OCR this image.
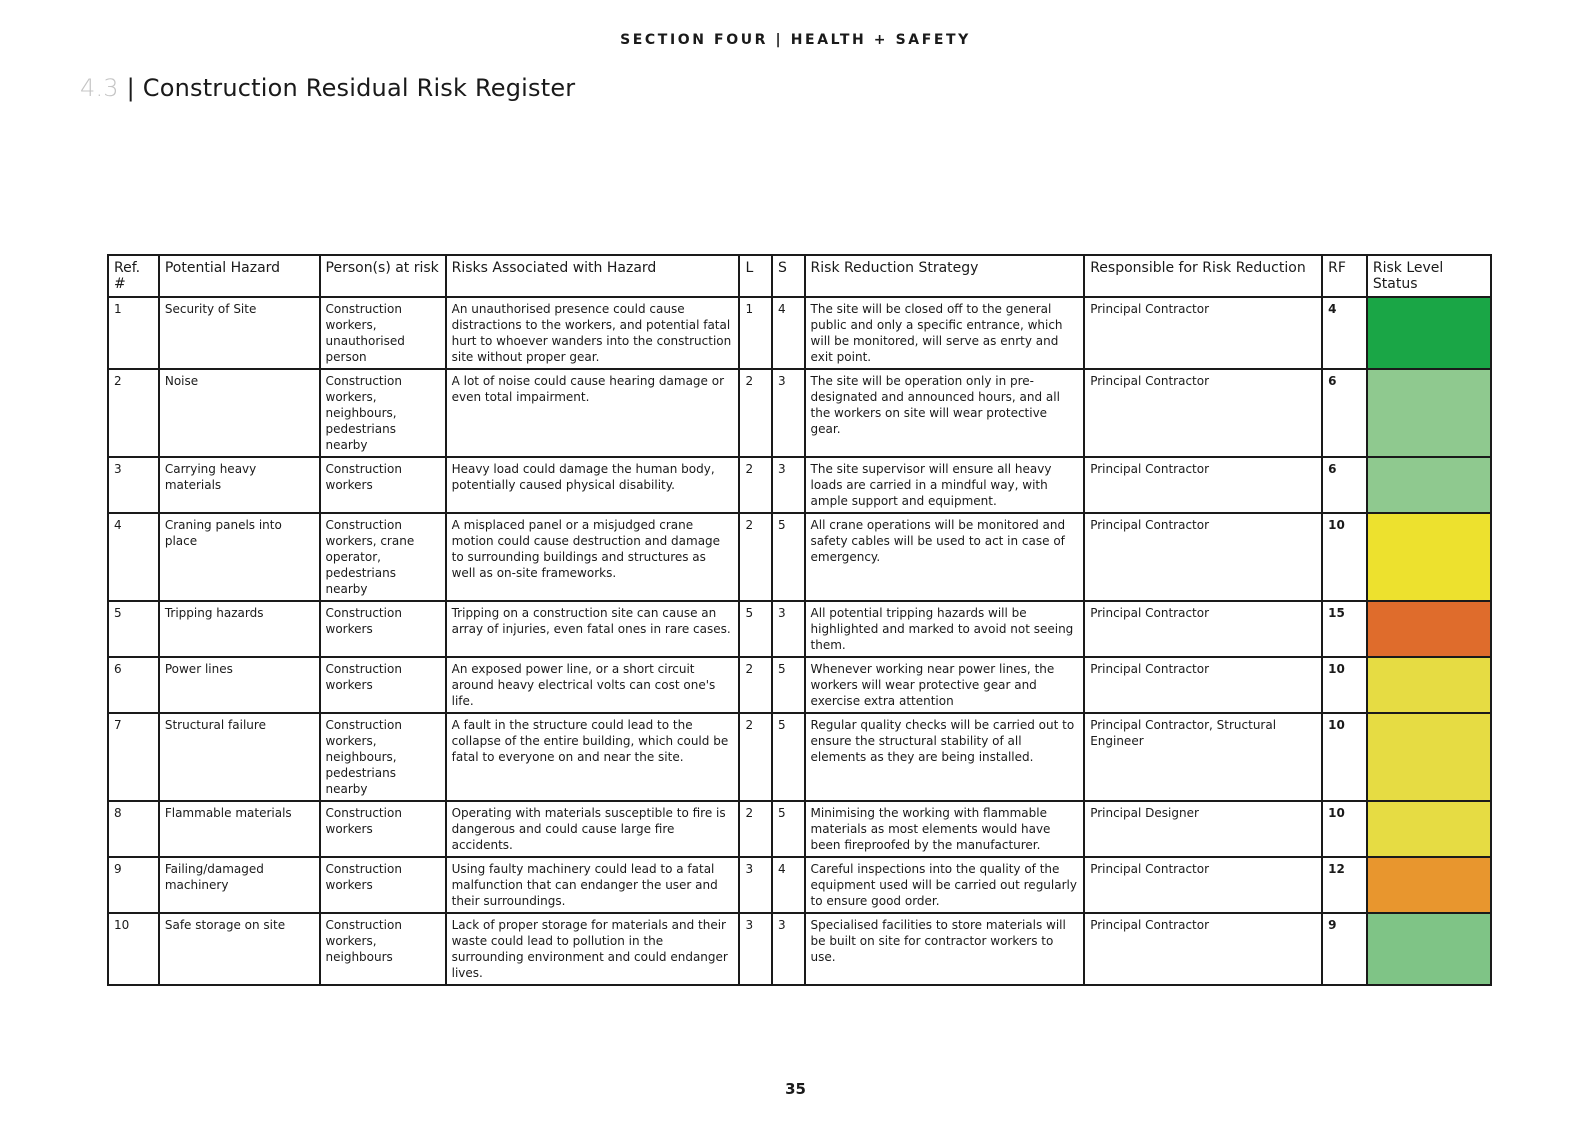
SECTION FOUR | HEALTH + SAFETY
4.3 | Construction Residual Risk Register
Ref. #	Potential Hazard	Person(s) at risk	Risks Associated with Hazard	L	S	Risk Reduction Strategy	Responsible for Risk Reduction	RF	Risk Level Status
1	Security of Site	Construction workers, unauthorised person	An unauthorised presence could cause distractions to the workers, and potential fatal hurt to whoever wanders into the construction site without proper gear.	1	4	The site will be closed off to the general public and only a specific entrance, which will be monitored, will serve as enrty and exit point.	Principal Contractor	4	
2	Noise	Construction workers, neighbours, pedestrians nearby	A lot of noise could cause hearing damage or even total impairment.	2	3	The site will be operation only in pre-designated and announced hours, and all the workers on site will wear protective gear.	Principal Contractor	6	
3	Carrying heavy materials	Construction workers	Heavy load could damage the human body, potentially caused physical disability.	2	3	The site supervisor will ensure all heavy loads are carried in a mindful way, with ample support and equipment.	Principal Contractor	6	
4	Craning panels into place	Construction workers, crane operator, pedestrians nearby	A misplaced panel or a misjudged crane motion could cause destruction and damage to surrounding buildings and structures as well as on-site frameworks.	2	5	All crane operations will be monitored and safety cables will be used to act in case of emergency.	Principal Contractor	10	
5	Tripping hazards	Construction workers	Tripping on a construction site can cause an array of injuries, even fatal ones in rare cases.	5	3	All potential tripping hazards will be highlighted and marked to avoid not seeing them.	Principal Contractor	15	
6	Power lines	Construction workers	An exposed power line, or a short circuit around heavy electrical volts can cost one's life.	2	5	Whenever working near power lines, the workers will wear protective gear and exercise extra attention	Principal Contractor	10	
7	Structural failure	Construction workers, neighbours, pedestrians nearby	A fault in the structure could lead to the collapse of the entire building, which could be fatal to everyone on and near the site.	2	5	Regular quality checks will be carried out to ensure the structural stability of all elements as they are being installed.	Principal Contractor, Structural Engineer	10	
8	Flammable materials	Construction workers	Operating with materials susceptible to fire is dangerous and could cause large fire accidents.	2	5	Minimising the working with flammable materials as most elements would have been fireproofed by the manufacturer.	Principal Designer	10	
9	Failing/damaged machinery	Construction workers	Using faulty machinery could lead to a fatal malfunction that can endanger the user and their surroundings.	3	4	Careful inspections into the quality of the equipment used will be carried out regularly to ensure good order.	Principal Contractor	12	
10	Safe storage on site	Construction workers, neighbours	Lack of proper storage for materials and their waste could lead to pollution in the surrounding environment and could endanger lives.	3	3	Specialised facilities to store materials will be built on site for contractor workers to use.	Principal Contractor	9	
35
